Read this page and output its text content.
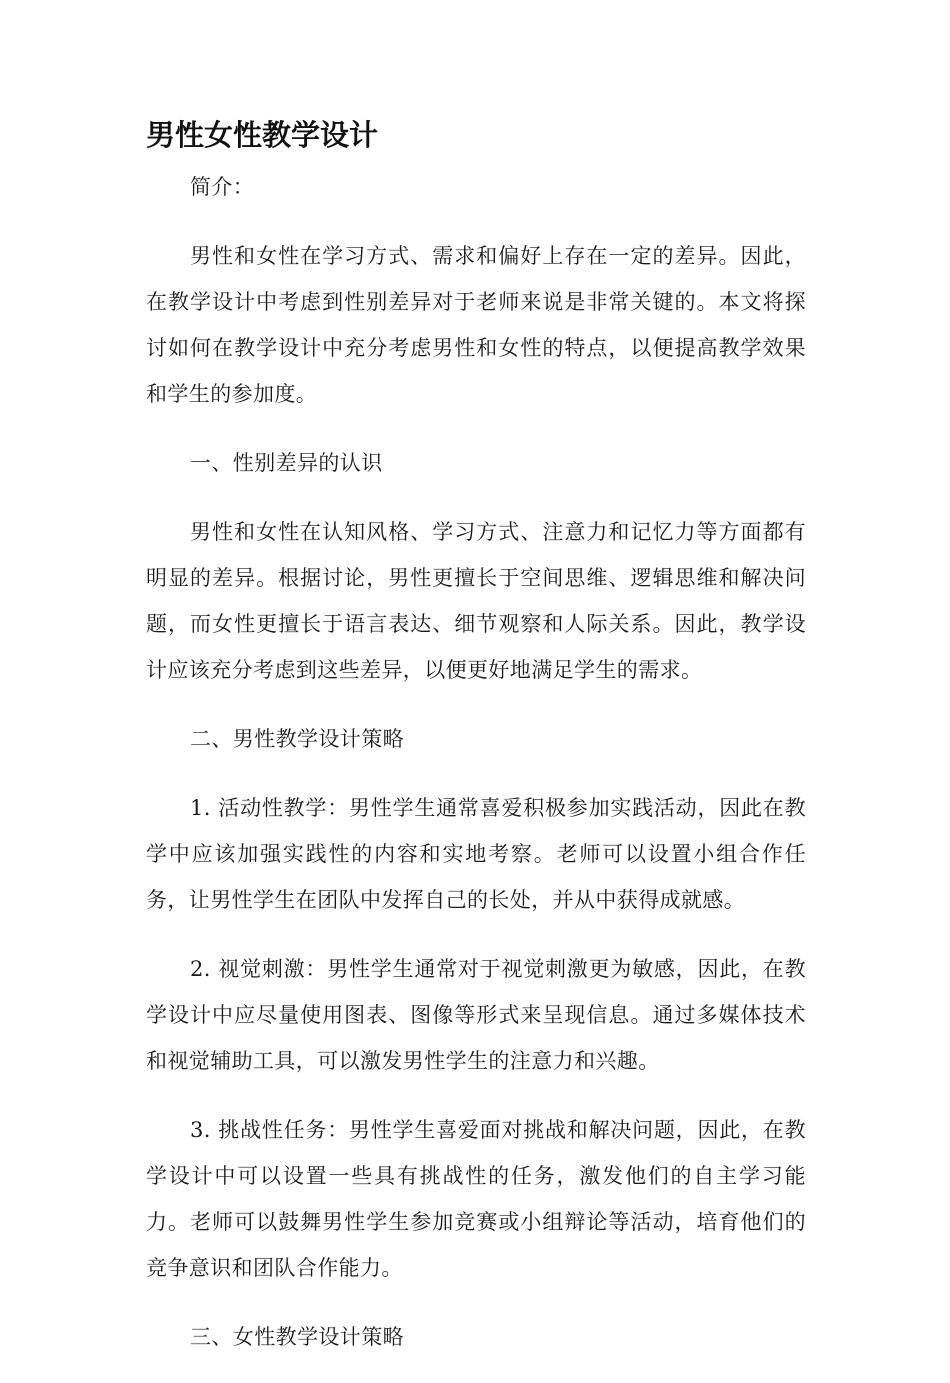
男性女性教学设计

简介：

男性和女性在学习方式、需求和偏好上存在一定的差异。因此，在教学设计中考虑到性别差异对于老师来说是非常关键的。本文将探讨如何在教学设计中充分考虑男性和女性的特点，以便提高教学效果和学生的参加度。

一、性别差异的认识

男性和女性在认知风格、学习方式、注意力和记忆力等方面都有明显的差异。根据讨论，男性更擅长于空间思维、逻辑思维和解决问题，而女性更擅长于语言表达、细节观察和人际关系。因此，教学设计应该充分考虑到这些差异，以便更好地满足学生的需求。

二、男性教学设计策略

1. 活动性教学：男性学生通常喜爱积极参加实践活动，因此在教学中应该加强实践性的内容和实地考察。老师可以设置小组合作任务，让男性学生在团队中发挥自己的长处，并从中获得成就感。

2. 视觉刺激：男性学生通常对于视觉刺激更为敏感，因此，在教学设计中应尽量使用图表、图像等形式来呈现信息。通过多媒体技术和视觉辅助工具，可以激发男性学生的注意力和兴趣。

3. 挑战性任务：男性学生喜爱面对挑战和解决问题，因此，在教学设计中可以设置一些具有挑战性的任务，激发他们的自主学习能力。老师可以鼓舞男性学生参加竞赛或小组辩论等活动，培育他们的竞争意识和团队合作能力。

三、女性教学设计策略
